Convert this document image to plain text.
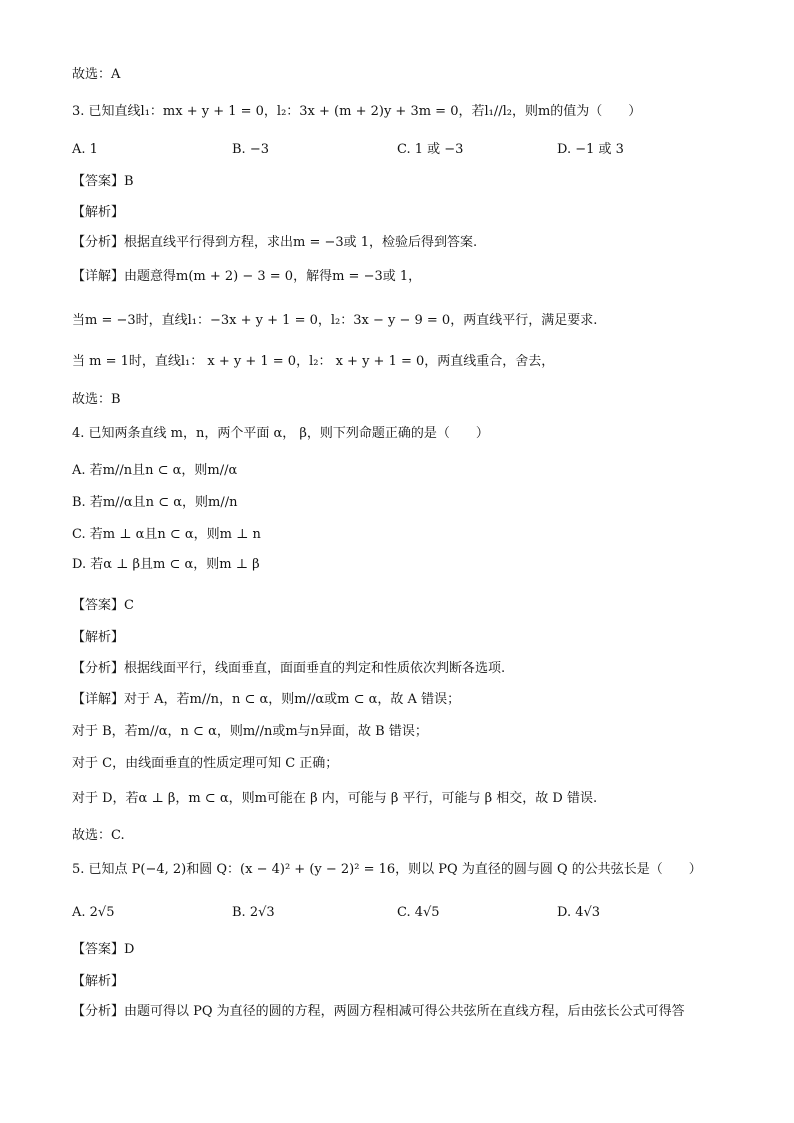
故选：A
3. 已知直线l₁：mx + y + 1 = 0，l₂：3x + (m + 2)y + 3m = 0，若l₁//l₂，则m的值为（　　）
A. 1	B. −3	C. 1 或 −3	D. −1 或 3
【答案】B
【解析】
【分析】根据直线平行得到方程，求出m = −3或 1，检验后得到答案.
【详解】由题意得m(m + 2) − 3 = 0，解得m = −3或 1，
当m = −3时，直线l₁：−3x + y + 1 = 0，l₂：3x − y − 9 = 0，两直线平行，满足要求.
当 m = 1时，直线l₁： x + y + 1 = 0，l₂： x + y + 1 = 0，两直线重合，舍去，
故选：B
4. 已知两条直线 m，n，两个平面 α， β，则下列命题正确的是（　　）
A. 若m//n且n ⊂ α，则m//α
B. 若m//α且n ⊂ α，则m//n
C. 若m ⊥ α且n ⊂ α，则m ⊥ n
D. 若α ⊥ β且m ⊂ α，则m ⊥ β
【答案】C
【解析】
【分析】根据线面平行，线面垂直，面面垂直的判定和性质依次判断各选项.
【详解】对于 A，若m//n，n ⊂ α，则m//α或m ⊂ α，故 A 错误；
对于 B，若m//α，n ⊂ α，则m//n或m与n异面，故 B 错误；
对于 C，由线面垂直的性质定理可知 C 正确；
对于 D，若α ⊥ β，m ⊂ α，则m可能在 β 内，可能与 β 平行，可能与 β 相交，故 D 错误.
故选：C.
5. 已知点 P(−4, 2)和圆 Q：(x − 4)² + (y − 2)² = 16，则以 PQ 为直径的圆与圆 Q 的公共弦长是（　　）
A. 2√5	B. 2√3	C. 4√5	D. 4√3
【答案】D
【解析】
【分析】由题可得以 PQ 为直径的圆的方程，两圆方程相减可得公共弦所在直线方程，后由弦长公式可得答
